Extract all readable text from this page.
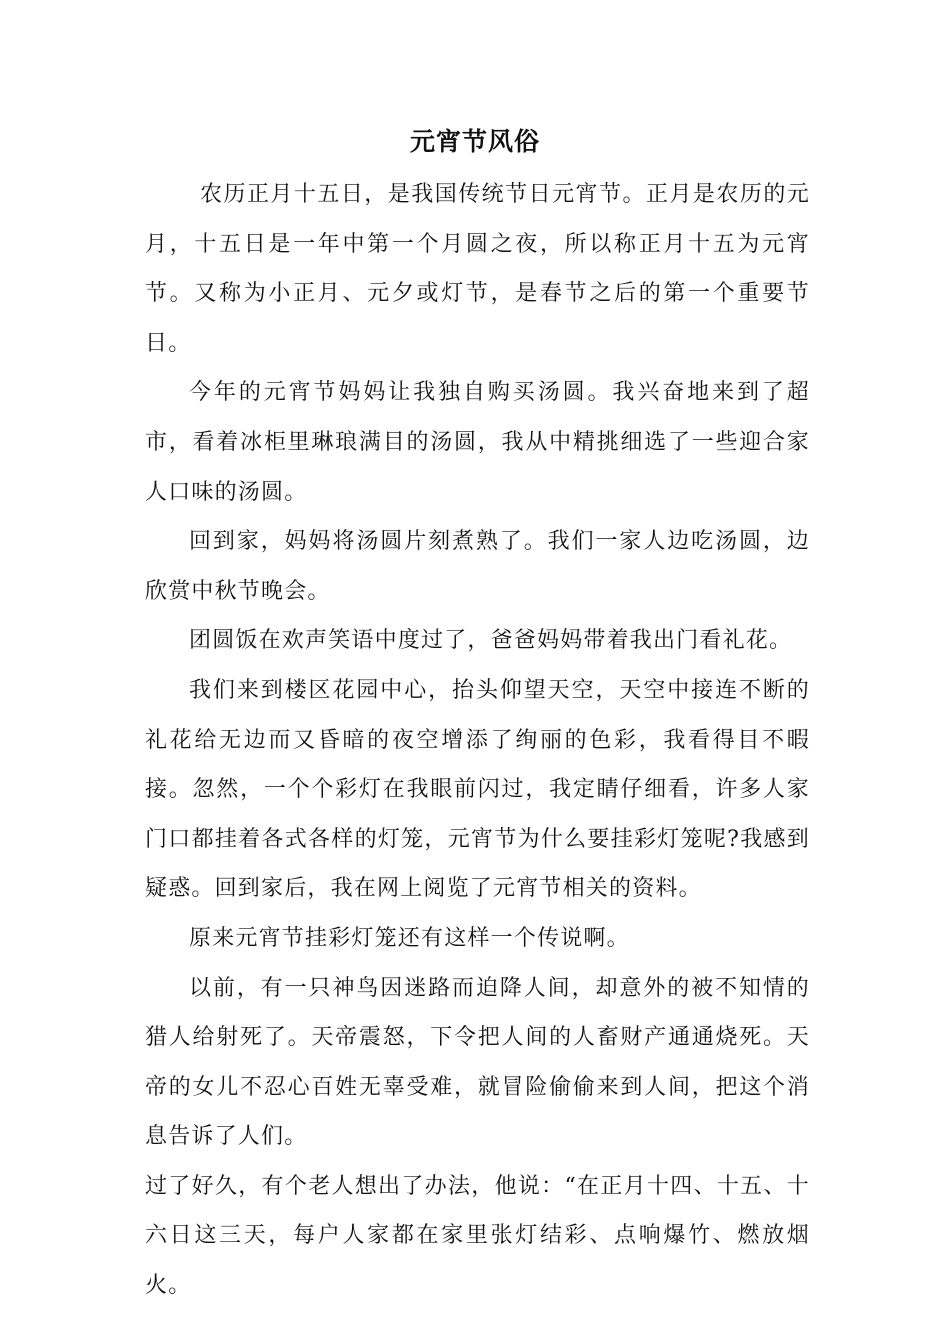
元宵节风俗

农历正月十五日，是我国传统节日元宵节。正月是农历的元月，十五日是一年中第一个月圆之夜，所以称正月十五为元宵节。又称为小正月、元夕或灯节，是春节之后的第一个重要节日。

今年的元宵节妈妈让我独自购买汤圆。我兴奋地来到了超市，看着冰柜里琳琅满目的汤圆，我从中精挑细选了一些迎合家人口味的汤圆。

回到家，妈妈将汤圆片刻煮熟了。我们一家人边吃汤圆，边欣赏中秋节晚会。

团圆饭在欢声笑语中度过了，爸爸妈妈带着我出门看礼花。

我们来到楼区花园中心，抬头仰望天空，天空中接连不断的礼花给无边而又昏暗的夜空增添了绚丽的色彩，我看得目不暇接。忽然，一个个彩灯在我眼前闪过，我定睛仔细看，许多人家门口都挂着各式各样的灯笼，元宵节为什么要挂彩灯笼呢?我感到疑惑。回到家后，我在网上阅览了元宵节相关的资料。

原来元宵节挂彩灯笼还有这样一个传说啊。

以前，有一只神鸟因迷路而迫降人间，却意外的被不知情的猎人给射死了。天帝震怒，下令把人间的人畜财产通通烧死。天帝的女儿不忍心百姓无辜受难，就冒险偷偷来到人间，把这个消息告诉了人们。

过了好久，有个老人想出了办法，他说：“在正月十四、十五、十六日这三天，每户人家都在家里张灯结彩、点响爆竹、燃放烟火。
